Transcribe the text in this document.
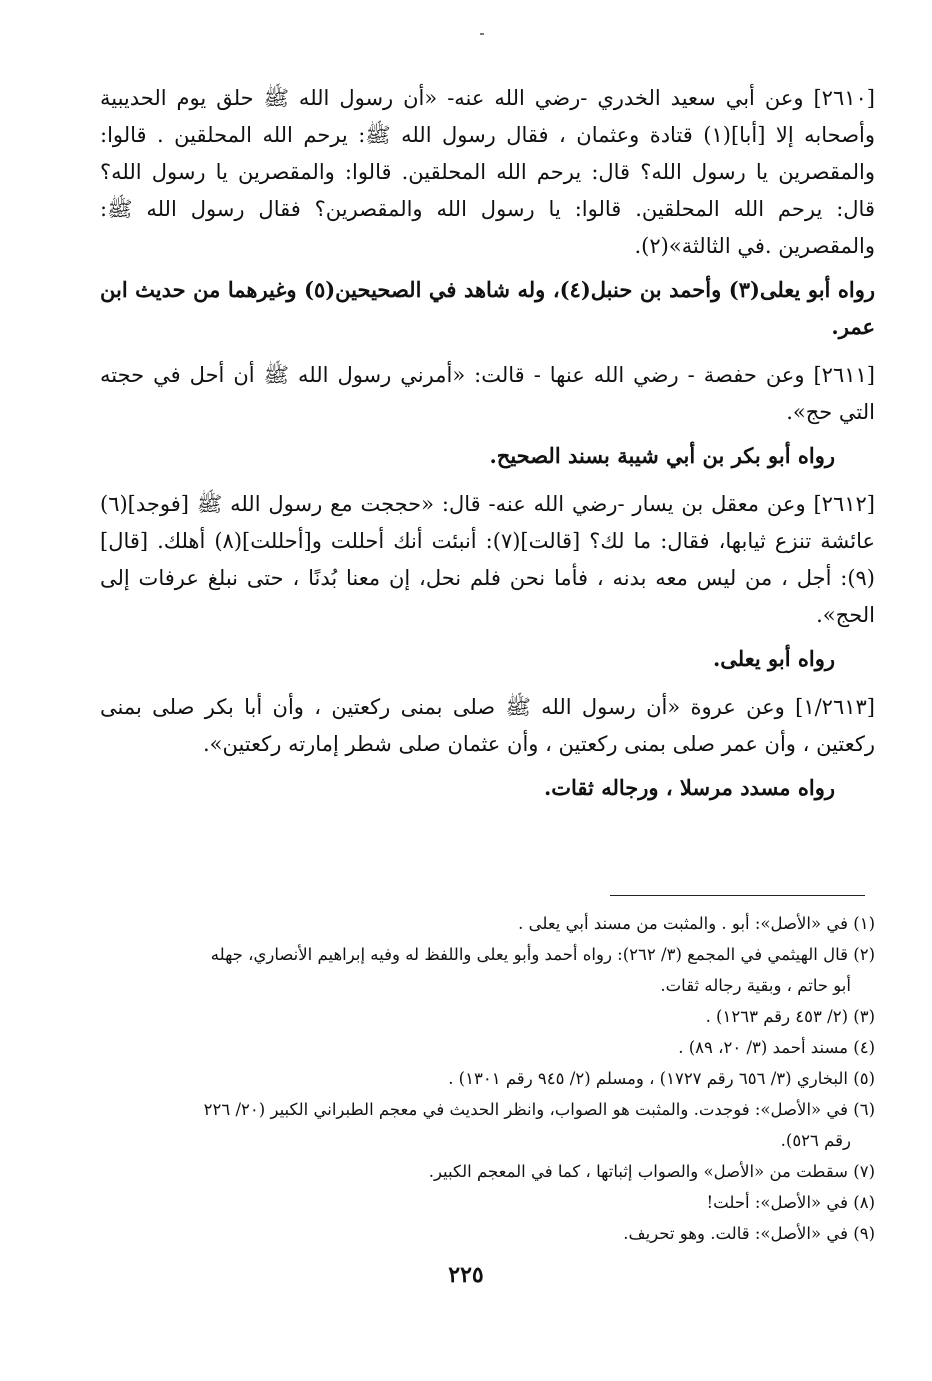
[٢٦١٠] وعن أبي سعيد الخدري -رضي الله عنه- «أن رسول الله ﷺ حلق يوم الحديبية وأصحابه إلا [أبا](١) قتادة وعثمان ، فقال رسول الله ﷺ: يرحم الله المحلقين . قالوا: والمقصرين يا رسول الله؟ قال: يرحم الله المحلقين. قالوا: والمقصرين يا رسول الله؟ قال: يرحم الله المحلقين. قالوا: يا رسول الله والمقصرين؟ فقال رسول الله ﷺ: والمقصرين .في الثالثة»(٢).

رواه أبو يعلى(٣) وأحمد بن حنبل(٤)، وله شاهد في الصحيحين(٥) وغيرهما من حديث ابن عمر.

[٢٦١١] وعن حفصة - رضي الله عنها - قالت: «أمرني رسول الله ﷺ أن أحل في حجته التي حج».

رواه أبو بكر بن أبي شيبة بسند الصحيح.

[٢٦١٢] وعن معقل بن يسار -رضي الله عنه- قال: «حججت مع رسول الله ﷺ [فوجد](٦) عائشة تنزع ثيابها، فقال: ما لك؟ [قالت](٧): أنبئت أنك أحللت و[أحللت](٨) أهلك. [قال](٩): أجل ، من ليس معه بدنه ، فأما نحن فلم نحل، إن معنا بُدنًا ، حتى نبلغ عرفات إلى الحج».

رواه أبو يعلى.

[١/٢٦١٣] وعن عروة «أن رسول الله ﷺ صلى بمنى ركعتين ، وأن أبا بكر صلى بمنى ركعتين ، وأن عمر صلى بمنى ركعتين ، وأن عثمان صلى شطر إمارته ركعتين».

رواه مسدد مرسلا ، ورجاله ثقات.

(١) في «الأصل»: أبو . والمثبت من مسند أبي يعلى .
(٢) قال الهيثمي في المجمع (٣/ ٢٦٢): رواه أحمد وأبو يعلى واللفظ له وفيه إبراهيم الأنصاري، جهله
أبو حاتم ، وبقية رجاله ثقات.
(٣) (٢/ ٤٥٣ رقم ١٢٦٣) .
(٤) مسند أحمد (٣/ ٢٠، ٨٩) .
(٥) البخاري (٣/ ٦٥٦ رقم ١٧٢٧) ، ومسلم (٢/ ٩٤٥ رقم ١٣٠١) .
(٦) في «الأصل»: فوجدت. والمثبت هو الصواب، وانظر الحديث في معجم الطبراني الكبير (٢٠/ ٢٢٦
رقم ٥٢٦).
(٧) سقطت من «الأصل» والصواب إثباتها ، كما في المعجم الكبير.
(٨) في «الأصل»: أحلت!
(٩) في «الأصل»: قالت. وهو تحريف.
٢٢٥
